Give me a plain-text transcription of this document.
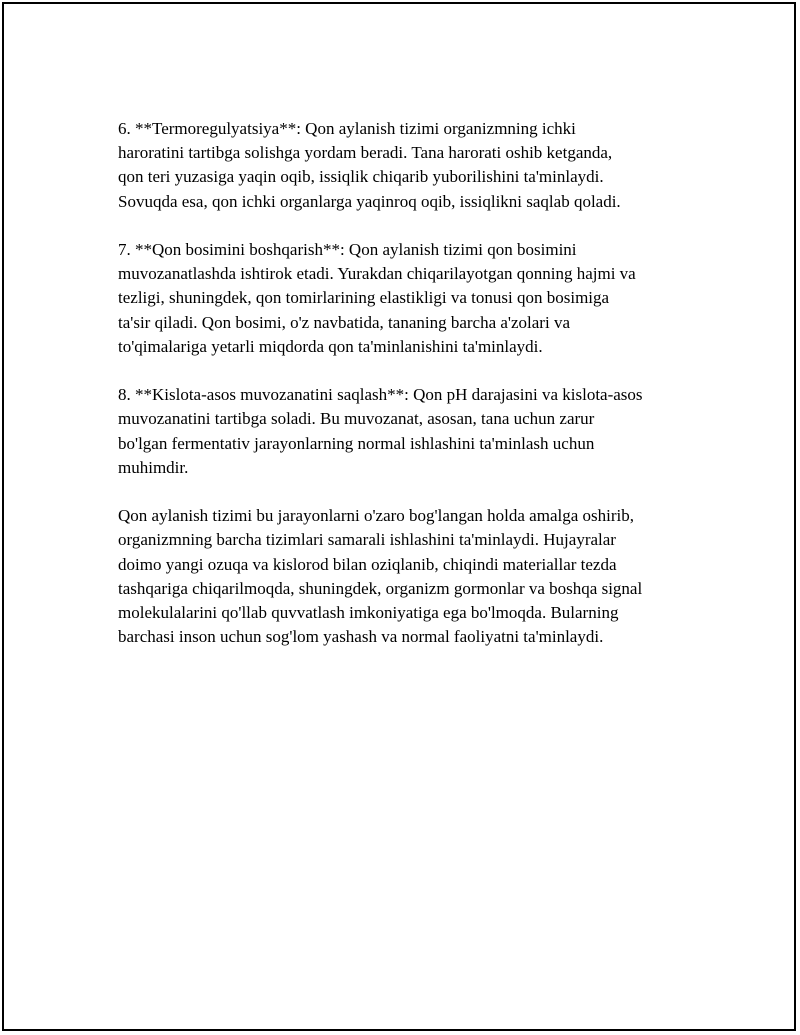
6. **Termoregulyatsiya**: Qon aylanish tizimi organizmning ichki
haroratini tartibga solishga yordam beradi. Tana harorati oshib ketganda,
qon teri yuzasiga yaqin oqib, issiqlik chiqarib yuborilishini ta'minlaydi.
Sovuqda esa, qon ichki organlarga yaqinroq oqib, issiqlikni saqlab qoladi.
7. **Qon bosimini boshqarish**: Qon aylanish tizimi qon bosimini
muvozanatlashda ishtirok etadi. Yurakdan chiqarilayotgan qonning hajmi va
tezligi, shuningdek, qon tomirlarining elastikligi va tonusi qon bosimiga
ta'sir qiladi. Qon bosimi, o'z navbatida, tananing barcha a'zolari va
to'qimalariga yetarli miqdorda qon ta'minlanishini ta'minlaydi.
8. **Kislota-asos muvozanatini saqlash**: Qon pH darajasini va kislota-asos
muvozanatini tartibga soladi. Bu muvozanat, asosan, tana uchun zarur
bo'lgan fermentativ jarayonlarning normal ishlashini ta'minlash uchun
muhimdir.
Qon aylanish tizimi bu jarayonlarni o'zaro bog'langan holda amalga oshirib,
organizmning barcha tizimlari samarali ishlashini ta'minlaydi. Hujayralar
doimo yangi ozuqa va kislorod bilan oziqlanib, chiqindi materiallar tezda
tashqariga chiqarilmoqda, shuningdek, organizm gormonlar va boshqa signal
molekulalarini qo'llab quvvatlash imkoniyatiga ega bo'lmoqda. Bularning
barchasi inson uchun sog'lom yashash va normal faoliyatni ta'minlaydi.
